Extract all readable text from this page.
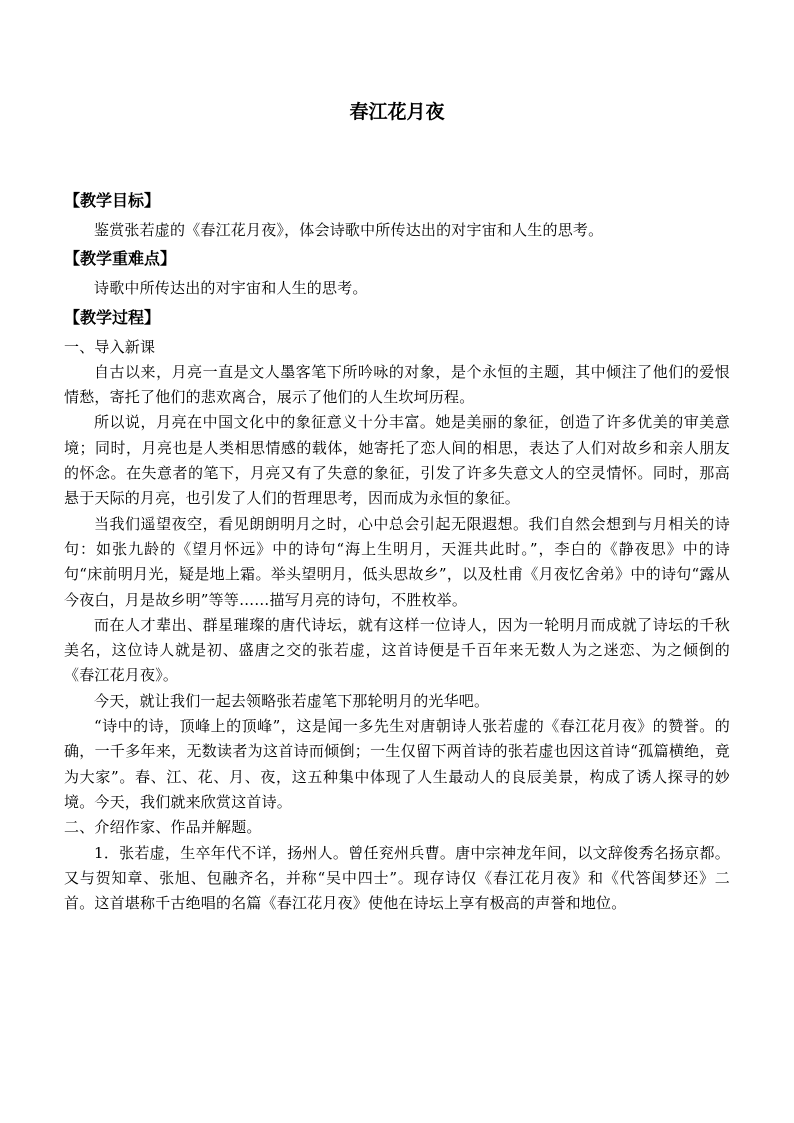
春江花月夜
【教学目标】

鉴赏张若虚的《春江花月夜》，体会诗歌中所传达出的对宇宙和人生的思考。

【教学重难点】

诗歌中所传达出的对宇宙和人生的思考。

【教学过程】

一、导入新课

自古以来，月亮一直是文人墨客笔下所吟咏的对象，是个永恒的主题，其中倾注了他们的爱恨情愁，寄托了他们的悲欢离合，展示了他们的人生坎坷历程。

所以说，月亮在中国文化中的象征意义十分丰富。她是美丽的象征，创造了许多优美的审美意境；同时，月亮也是人类相思情感的载体，她寄托了恋人间的相思，表达了人们对故乡和亲人朋友的怀念。在失意者的笔下，月亮又有了失意的象征，引发了许多失意文人的空灵情怀。同时，那高悬于天际的月亮，也引发了人们的哲理思考，因而成为永恒的象征。

当我们遥望夜空，看见朗朗明月之时，心中总会引起无限遐想。我们自然会想到与月相关的诗句：如张九龄的《望月怀远》中的诗句“海上生明月，天涯共此时。”，李白的《静夜思》中的诗句“床前明月光，疑是地上霜。举头望明月，低头思故乡”，以及杜甫《月夜忆舍弟》中的诗句“露从今夜白，月是故乡明”等等……描写月亮的诗句，不胜枚举。

而在人才辈出、群星璀璨的唐代诗坛，就有这样一位诗人，因为一轮明月而成就了诗坛的千秋美名，这位诗人就是初、盛唐之交的张若虚，这首诗便是千百年来无数人为之迷恋、为之倾倒的《春江花月夜》。

今天，就让我们一起去领略张若虚笔下那轮明月的光华吧。

“诗中的诗，顶峰上的顶峰”，这是闻一多先生对唐朝诗人张若虚的《春江花月夜》的赞誉。的确，一千多年来，无数读者为这首诗而倾倒；一生仅留下两首诗的张若虚也因这首诗“孤篇横绝，竟为大家”。春、江、花、月、夜，这五种集中体现了人生最动人的良辰美景，构成了诱人探寻的妙境。今天，我们就来欣赏这首诗。

二、介绍作家、作品并解题。

1．张若虚，生卒年代不详，扬州人。曾任兖州兵曹。唐中宗神龙年间，以文辞俊秀名扬京都。又与贺知章、张旭、包融齐名，并称“吴中四士”。现存诗仅《春江花月夜》和《代答闺梦还》二首。这首堪称千古绝唱的名篇《春江花月夜》使他在诗坛上享有极高的声誉和地位。
